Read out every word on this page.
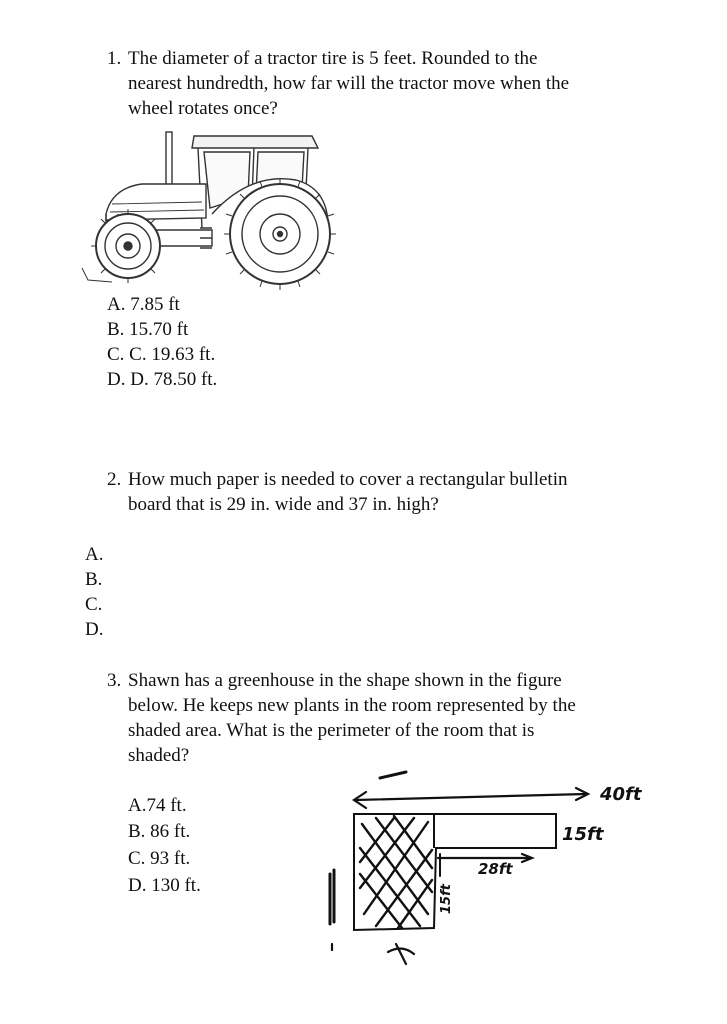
1. The diameter of a tractor tire is 5 feet. Rounded to the
nearest hundredth, how far will the tractor move when the
wheel rotates once?
A. 7.85 ft
B. 15.70 ft
C. C. 19.63 ft.
D. D. 78.50 ft.
2. How much paper is needed to cover a rectangular bulletin
board that is 29 in. wide and 37 in. high?
A.
B.
C.
D.
3. Shawn has a greenhouse in the shape shown in the figure
below. He keeps new plants in the room represented by the
shaded area. What is the perimeter of the room that is
shaded?
A.74 ft.
B. 86 ft.
C. 93 ft.
D. 130 ft.
40ft
15ft
28ft
15ft
